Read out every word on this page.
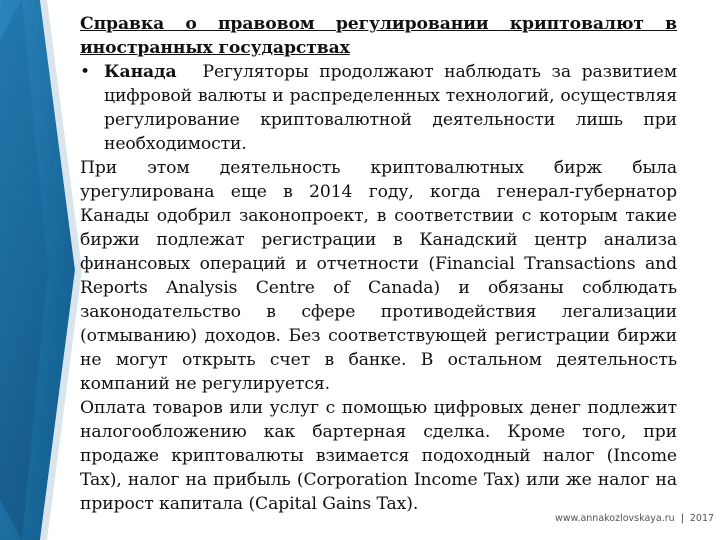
Справка о правовом регулировании криптовалют в
иностранных государствах
• Канада Регуляторы продолжают наблюдать за развитием цифровой валюты и распределенных технологий, осуществляя регулирование криптовалютной деятельности лишь при необходимости.

При этом деятельность криптовалютных бирж была урегулирована еще в 2014 году, когда генерал-губернатор Канады одобрил законопроект, в соответствии с которым такие биржи подлежат регистрации в Канадский центр анализа финансовых операций и отчетности (Financial Transactions and Reports Analysis Centre of Canada) и обязаны соблюдать законодательство в сфере противодействия легализации (отмыванию) доходов. Без соответствующей регистрации биржи не могут открыть счет в банке. В остальном деятельность компаний не регулируется.

Оплата товаров или услуг с помощью цифровых денег подлежит налогообложению как бартерная сделка. Кроме того, при продаже криптовалюты взимается подоходный налог (Income Tax), налог на прибыль (Corporation Income Tax) или же налог на прирост капитала (Capital Gains Tax).

www.annakozlovskaya.ru | 2017
